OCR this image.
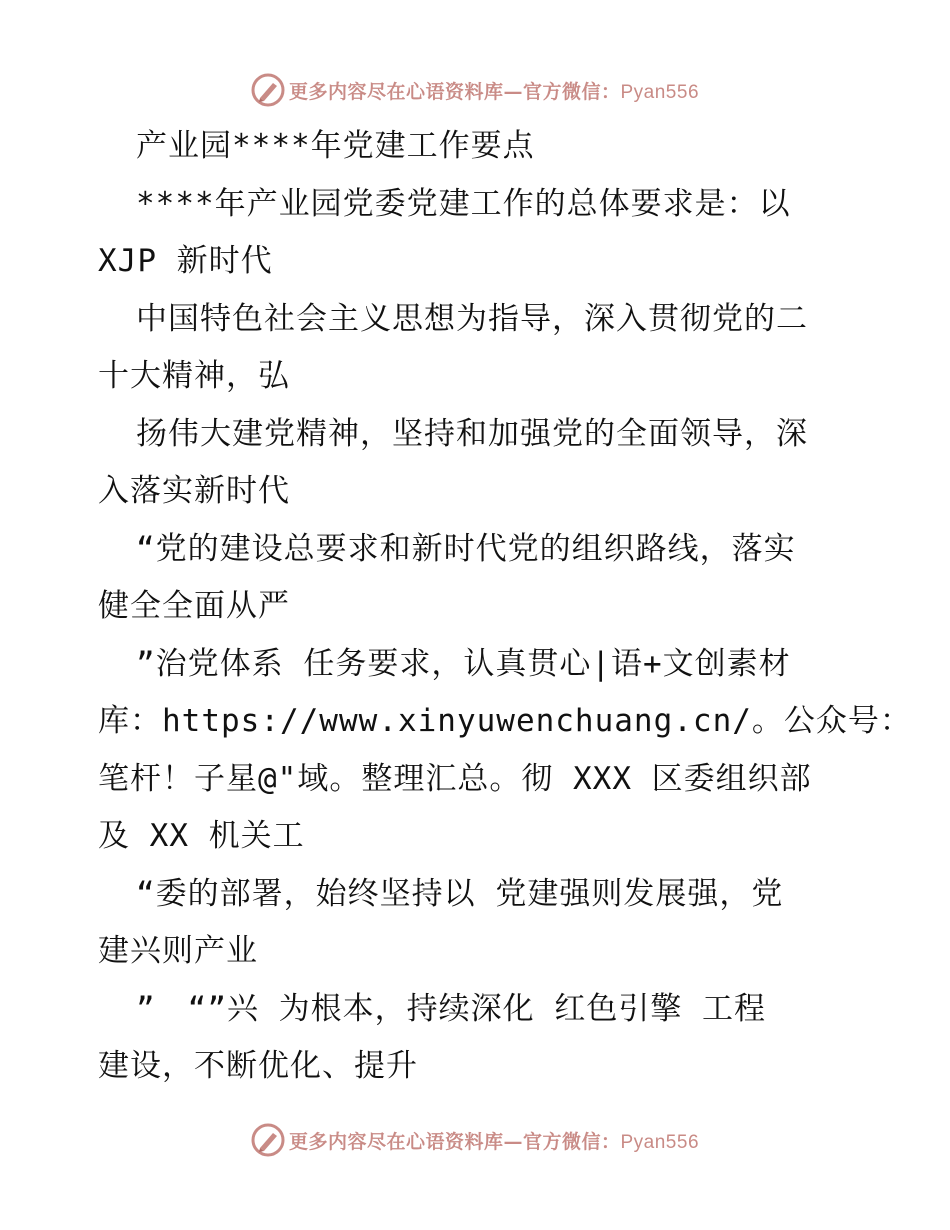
更多内容尽在心语资料库—官方微信：Pyan556
产业园****年党建工作要点
****年产业园党委党建工作的总体要求是：以
XJP 新时代
中国特色社会主义思想为指导，深入贯彻党的二
十大精神，弘
扬伟大建党精神，坚持和加强党的全面领导，深
入落实新时代
“党的建设总要求和新时代党的组织路线，落实
健全全面从严
”治党体系 任务要求，认真贯心|语+文创素材
库：https://www.xinyuwenchuang.cn/。公众号：
笔杆！子星@"域。整理汇总。彻 XXX 区委组织部
及 XX 机关工
“委的部署，始终坚持以 党建强则发展强，党
建兴则产业
”　“”兴 为根本，持续深化 红色引擎 工程
建设，不断优化、提升
更多内容尽在心语资料库—官方微信：Pyan556
